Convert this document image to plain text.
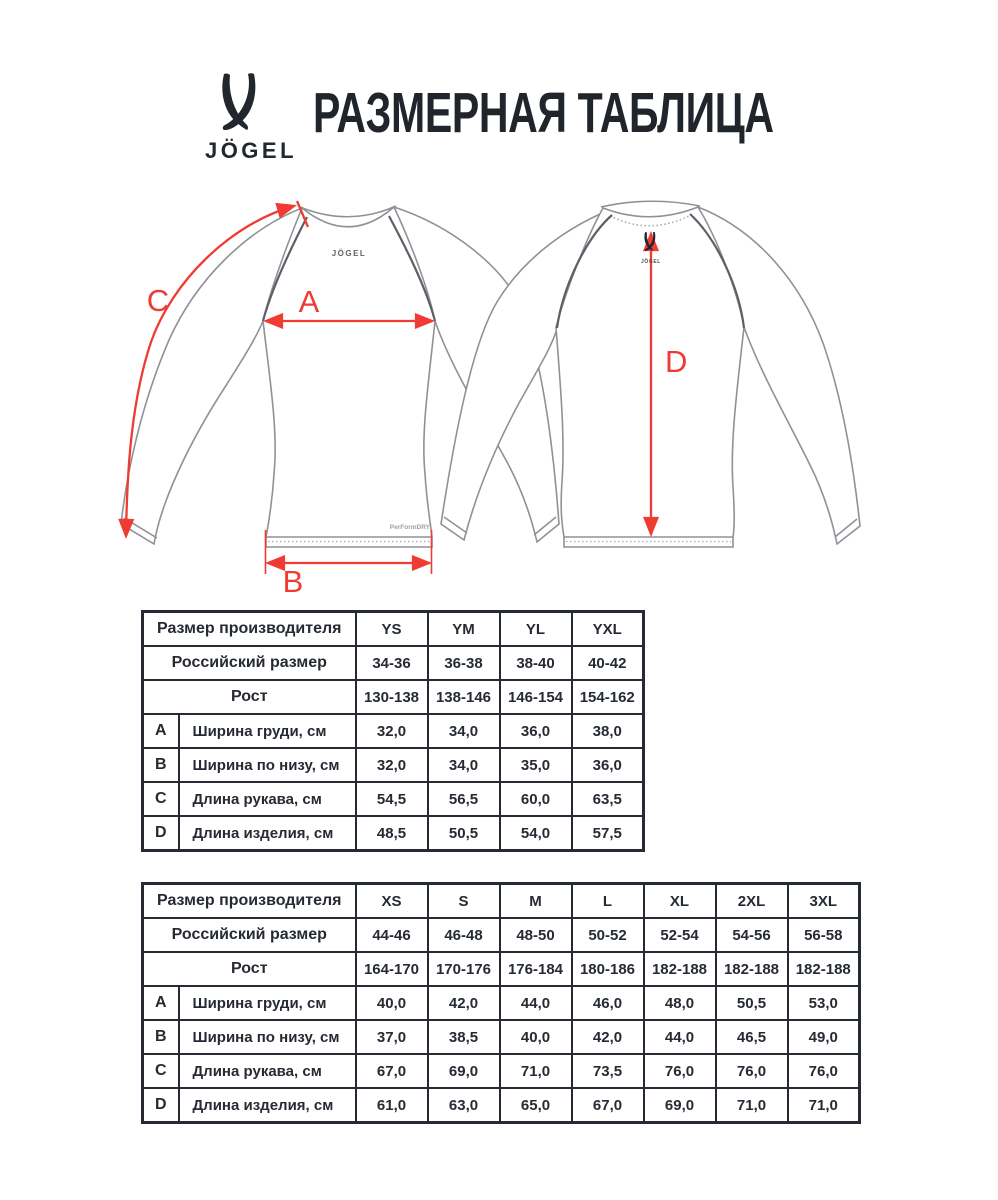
JÖGEL
РАЗМЕРНАЯ ТАБЛИЦА
JÖGEL
PerFormDRY
C	A
B
D
JÖGEL
Размер производителя		YS	YM	YL	YXL
Российский размер		34-36	36-38	38-40	40-42
Рост		130-138	138-146	146-154	154-162
A	Ширина груди, см	32,0	34,0	36,0	38,0
B	Ширина по низу, см	32,0	34,0	35,0	36,0
C	Длина рукава, см	54,5	56,5	60,0	63,5
D	Длина изделия, см	48,5	50,5	54,0	57,5
Размер производителя		XS	S	M	L	XL	2XL	3XL
Российский размер		44-46	46-48	48-50	50-52	52-54	54-56	56-58
Рост		164-170	170-176	176-184	180-186	182-188	182-188	182-188
A	Ширина груди, см	40,0	42,0	44,0	46,0	48,0	50,5	53,0
B	Ширина по низу, см	37,0	38,5	40,0	42,0	44,0	46,5	49,0
C	Длина рукава, см	67,0	69,0	71,0	73,5	76,0	76,0	76,0
D	Длина изделия, см	61,0	63,0	65,0	67,0	69,0	71,0	71,0
